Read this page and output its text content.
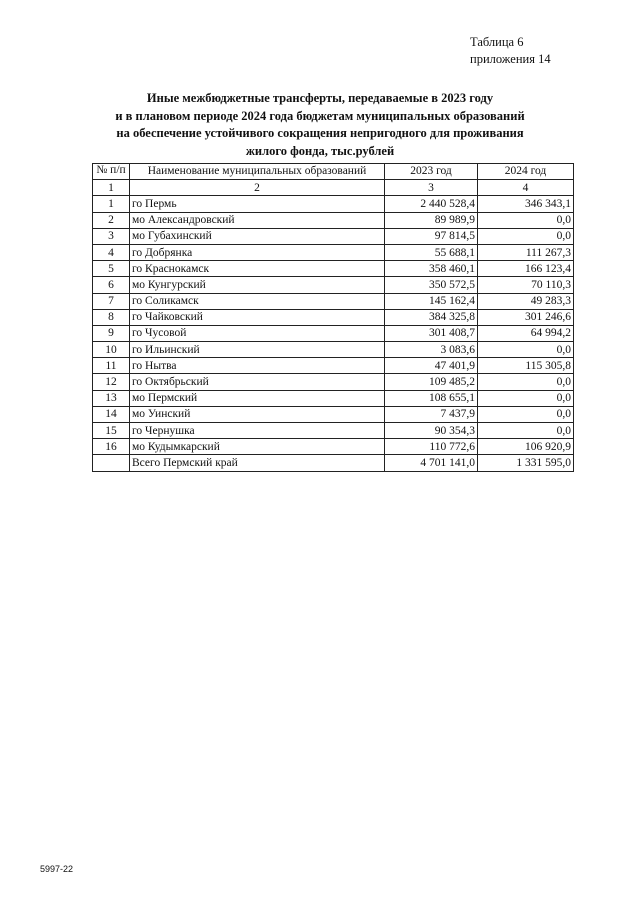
Таблица 6
приложения 14
Иные межбюджетные трансферты, передаваемые в 2023 году
и в плановом периоде 2024 года бюджетам муниципальных образований
на обеспечение устойчивого сокращения непригодного для проживания
жилого фонда, тыс.рублей
№ п/п	Наименование муниципальных образований	2023 год	2024 год
1	2	3	4
1	го Пермь	2 440 528,4	346 343,1
2	мо Александровский	89 989,9	0,0
3	мо Губахинский	97 814,5	0,0
4	го Добрянка	55 688,1	111 267,3
5	го Краснокамск	358 460,1	166 123,4
6	мо Кунгурский	350 572,5	70 110,3
7	го Соликамск	145 162,4	49 283,3
8	го Чайковский	384 325,8	301 246,6
9	го Чусовой	301 408,7	64 994,2
10	го Ильинский	3 083,6	0,0
11	го Нытва	47 401,9	115 305,8
12	го Октябрьский	109 485,2	0,0
13	мо Пермский	108 655,1	0,0
14	мо Уинский	7 437,9	0,0
15	го Чернушка	90 354,3	0,0
16	мо Кудымкарский	110 772,6	106 920,9
	Всего Пермский край	4 701 141,0	1 331 595,0
5997-22
